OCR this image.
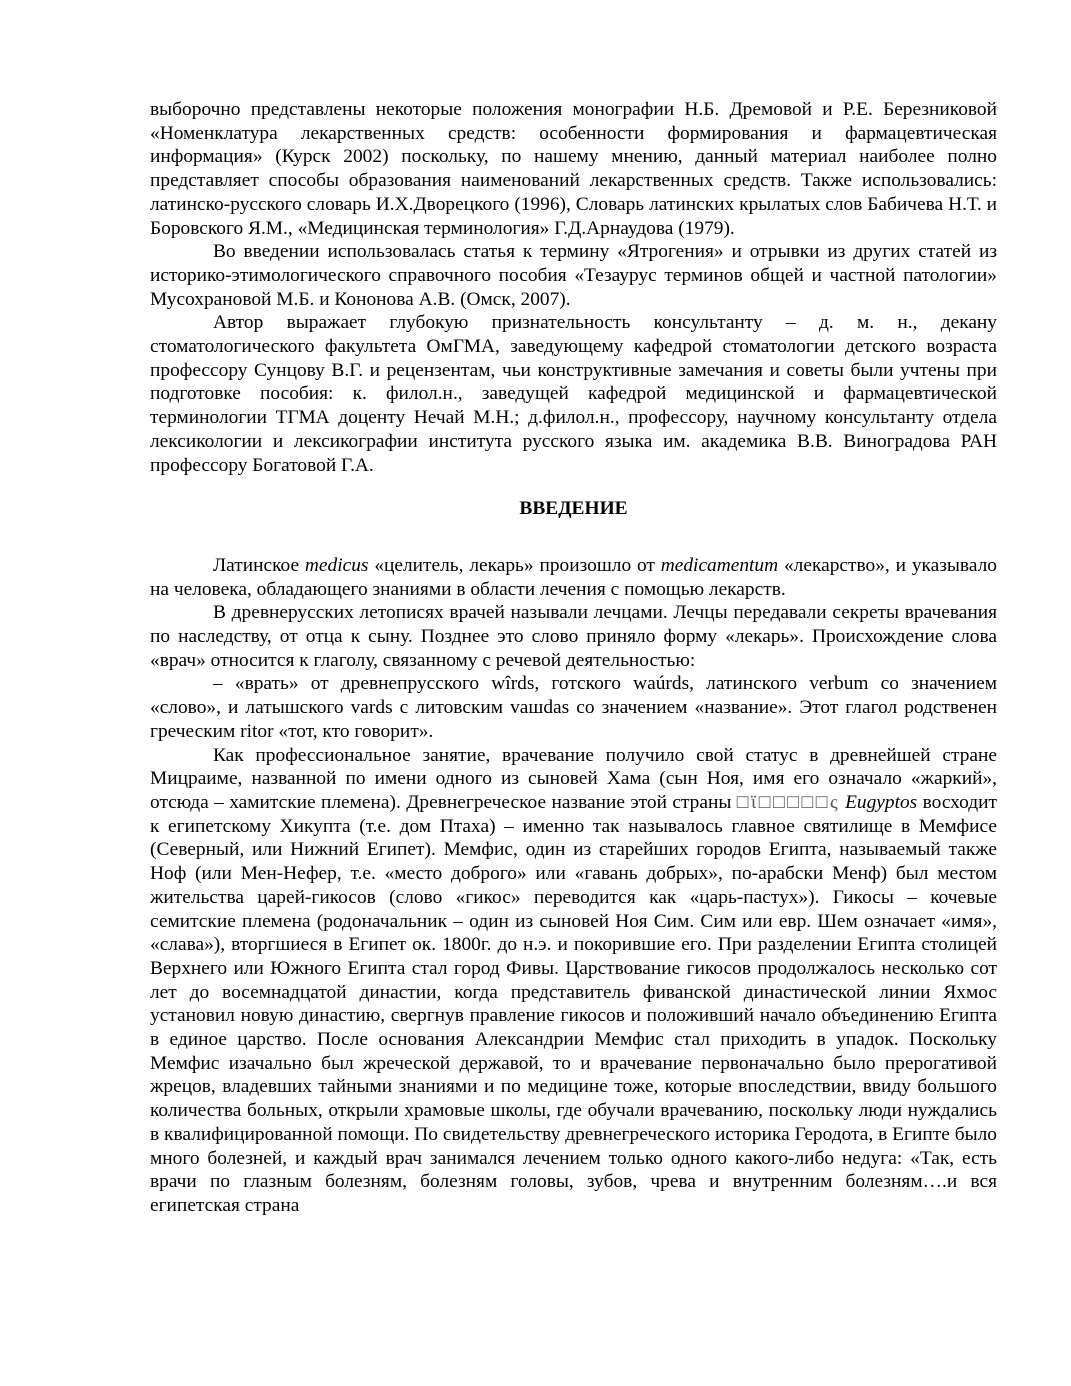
выборочно представлены некоторые положения монографии Н.Б. Дремовой и Р.Е. Березниковой «Номенклатура лекарственных средств: особенности формирования и фармацевтическая информация» (Курск 2002) поскольку, по нашему мнению, данный материал наиболее полно представляет способы образования наименований лекарственных средств. Также использовались: латинско-русского словарь И.Х.Дворецкого (1996), Словарь латинских крылатых слов Бабичева Н.Т. и Боровского Я.М., «Медицинская терминология» Г.Д.Арнаудова (1979).

Во введении использовалась статья к термину «Ятрогения» и отрывки из других статей из историко-этимологического справочного пособия «Тезаурус терминов общей и частной патологии» Мусохрановой М.Б. и Кононова А.В. (Омск, 2007).

Автор выражает глубокую признательность консультанту – д. м. н., декану стоматологического факультета ОмГМА, заведующему кафедрой стоматологии детского возраста профессору Сунцову В.Г. и рецензентам, чьи конструктивные замечания и советы были учтены при подготовке пособия: к. филол.н., заведущей кафедрой медицинской и фармацевтической терминологии ТГМА доценту Нечай М.Н.; д.филол.н., профессору, научному консультанту отдела лексикологии и лексикографии института русского языка им. академика В.В. Виноградова РАН профессору Богатовой Г.А.

ВВЕДЕНИЕ

Латинское medicus «целитель, лекарь» произошло от medicamentum «лекарство», и указывало на человека, обладающего знаниями в области лечения с помощью лекарств.

В древнерусских летописях врачей называли лечцами. Лечцы передавали секреты врачевания по наследству, от отца к сыну. Позднее это слово приняло форму «лекарь». Происхождение слова «врач» относится к глаголу, связанному с речевой деятельностью:

– «врать» от древнепрусского wîrds, готского waúrds, латинского verbum со значением «слово», и латышского vards с литовским vaшdas со значением «название». Этот глагол родственен греческим ritor «тот, кто говорит».

Как профессиональное занятие, врачевание получило свой статус в древнейшей стране Мицраиме, названной по имени одного из сыновей Хама (сын Ноя, имя его означало «жаркий», отсюда – хамитские племена). Древнегреческое название этой страны □ϊ□□□□□ς Eugyptos восходит к египетскому Хикупта (т.е. дом Птаха) – именно так называлось главное святилище в Мемфисе (Северный, или Нижний Египет). Мемфис, один из старейших городов Египта, называемый также Ноф (или Мен-Нефер, т.е. «место доброго» или «гавань добрых», по-арабски Менф) был местом жительства царей-гикосов (слово «гикос» переводится как «царь-пастух»). Гикосы – кочевые семитские племена (родоначальник – один из сыновей Ноя Сим. Сим или евр. Шем означает «имя», «слава»), вторгшиеся в Египет ок. 1800г. до н.э. и покорившие его. При разделении Египта столицей Верхнего или Южного Египта стал город Фивы. Царствование гикосов продолжалось несколько сот лет до восемнадцатой династии, когда представитель фиванской династической линии Яхмос установил новую династию, свергнув правление гикосов и положивший начало объединению Египта в единое царство. После основания Александрии Мемфис стал приходить в упадок. Поскольку Мемфис изачально был жреческой державой, то и врачевание первоначально было прерогативой жрецов, владевших тайными знаниями и по медицине тоже, которые впоследствии, ввиду большого количества больных, открыли храмовые школы, где обучали врачеванию, поскольку люди нуждались в квалифицированной помощи. По свидетельству древнегреческого историка Геродота, в Египте было много болезней, и каждый врач занимался лечением только одного какого-либо недуга: «Так, есть врачи по глазным болезням, болезням головы, зубов, чрева и внутренним болезням….и вся египетская страна
